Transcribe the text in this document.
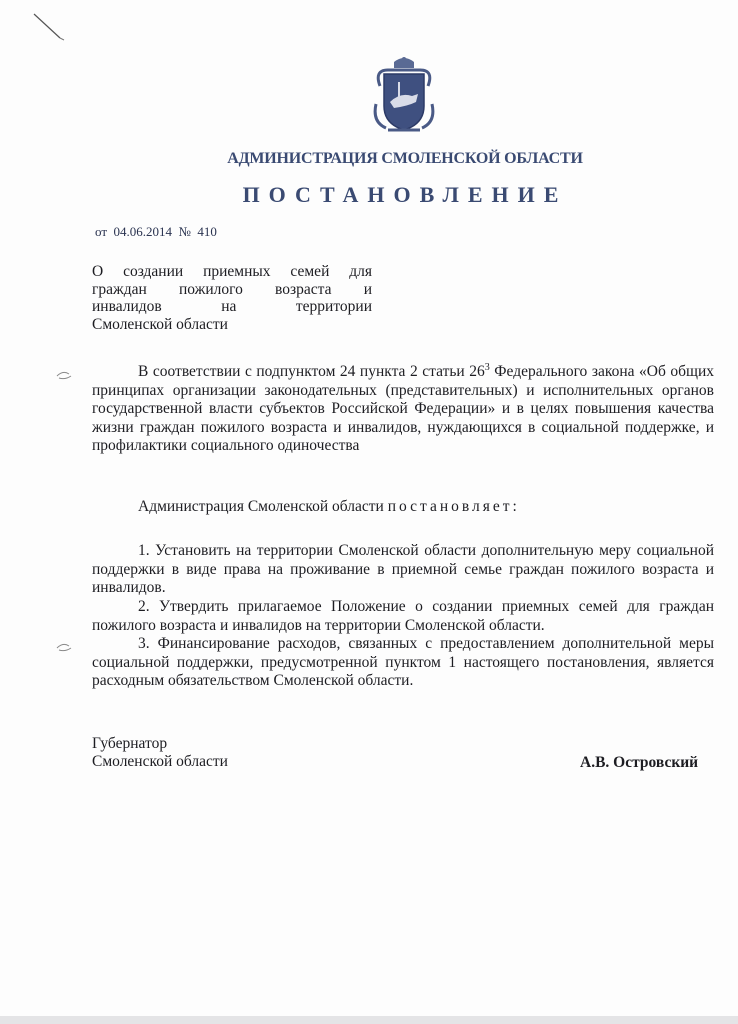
АДМИНИСТРАЦИЯ СМОЛЕНСКОЙ ОБЛАСТИ
ПОСТАНОВЛЕНИЕ
от 04.06.2014 № 410
О создании приемных семей для
граждан пожилого возраста и
инвалидов на территории
Смоленской области
В соответствии с подпунктом 24 пункта 2 статьи $26^3$ Федерального закона «Об общих принципах организации законодательных (представительных) и исполнительных органов государственной власти субъектов Российской Федерации» и в целях повышения качества жизни граждан пожилого возраста и инвалидов, нуждающихся в социальной поддержке, и профилактики социального одиночества
Администрация Смоленской области постановляет:
1. Установить на территории Смоленской области дополнительную меру социальной поддержки в виде права на проживание в приемной семье граждан пожилого возраста и инвалидов.
2. Утвердить прилагаемое Положение о создании приемных семей для граждан пожилого возраста и инвалидов на территории Смоленской области.
3. Финансирование расходов, связанных с предоставлением дополнительной меры социальной поддержки, предусмотренной пунктом 1 настоящего постановления, является расходным обязательством Смоленской области.
Губернатор
Смоленской области	А.В. Островский
